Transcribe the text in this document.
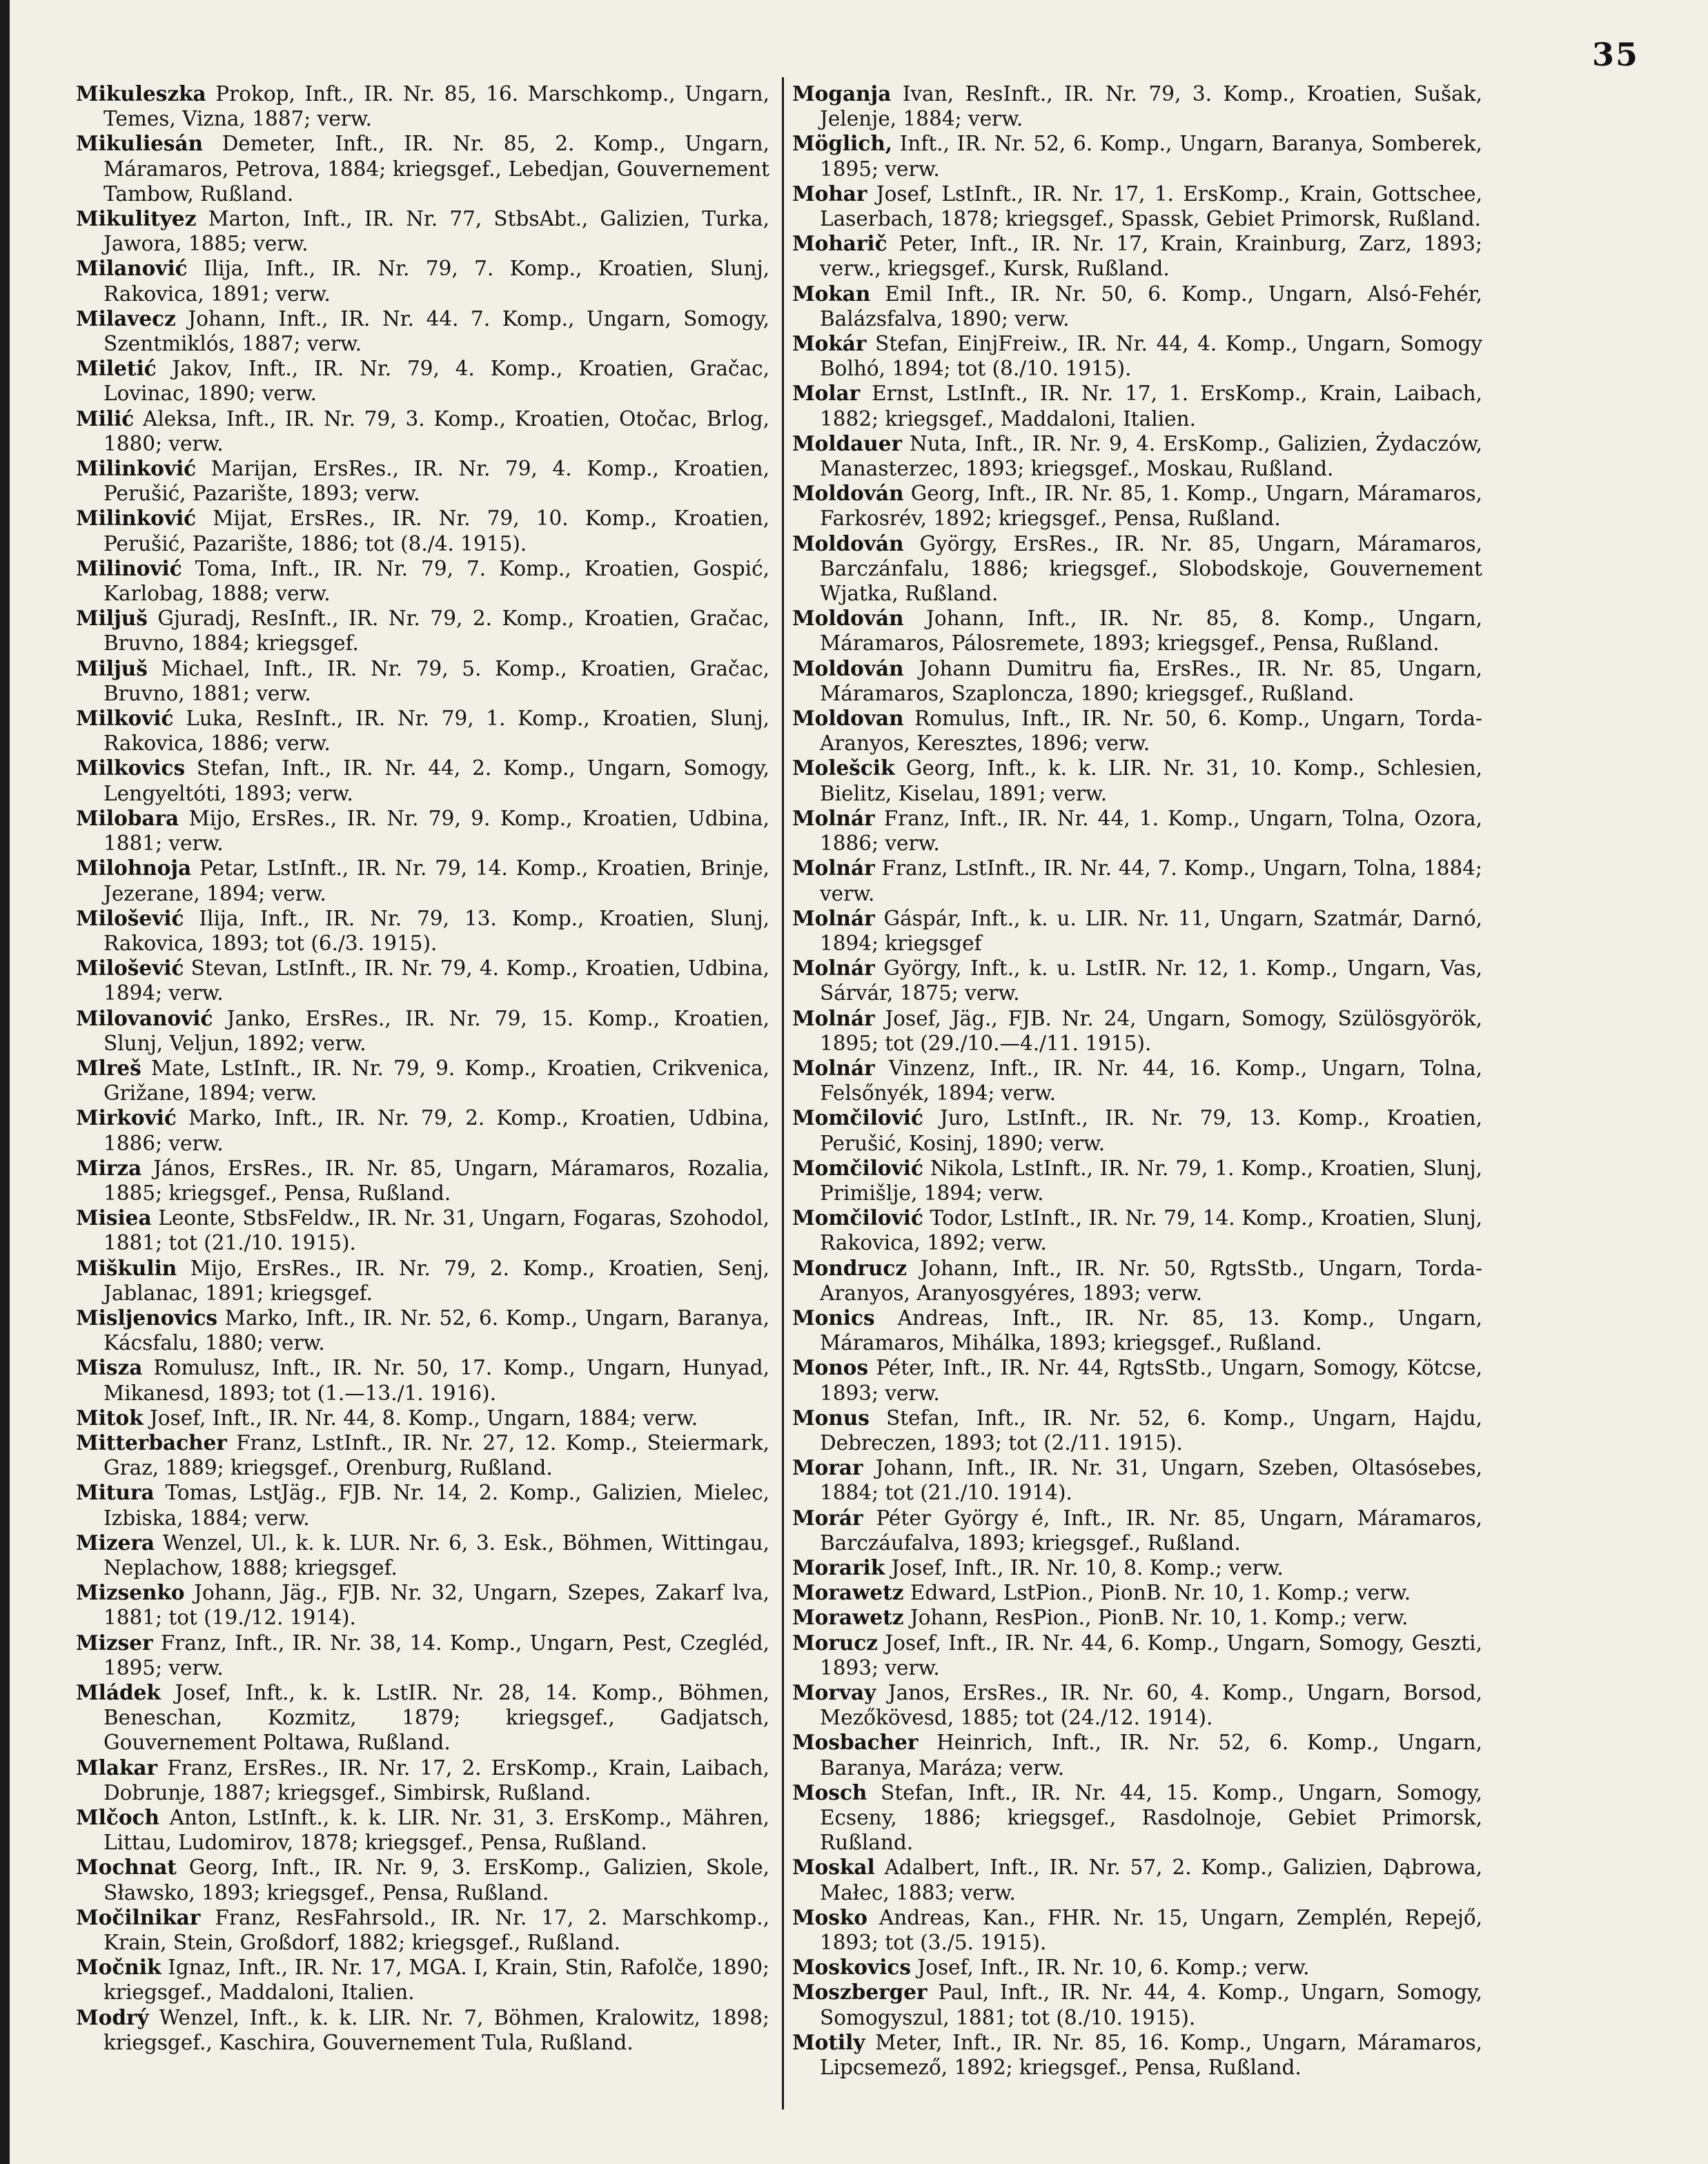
35

Mikuleszka Prokop, Inft., IR. Nr. 85, 16. Marschkomp., Ungarn, Temes, Vizna, 1887; verw.

Mikuliesán Demeter, Inft., IR. Nr. 85, 2. Komp., Ungarn, Máramaros, Petrova, 1884; kriegsgef., Lebedjan, Gouvernement Tambow, Rußland.

Mikulityez Marton, Inft., IR. Nr. 77, StbsAbt., Galizien, Turka, Jawora, 1885; verw.

Milanović Ilija, Inft., IR. Nr. 79, 7. Komp., Kroatien, Slunj, Rakovica, 1891; verw.

Milavecz Johann, Inft., IR. Nr. 44. 7. Komp., Ungarn, Somogy, Szentmiklós, 1887; verw.

Miletić Jakov, Inft., IR. Nr. 79, 4. Komp., Kroatien, Gračac, Lovinac, 1890; verw.

Milić Aleksa, Inft., IR. Nr. 79, 3. Komp., Kroatien, Otočac, Brlog, 1880; verw.

Milinković Marijan, ErsRes., IR. Nr. 79, 4. Komp., Kroatien, Perušić, Pazarište, 1893; verw.

Milinković Mijat, ErsRes., IR. Nr. 79, 10. Komp., Kroatien, Perušić, Pazarište, 1886; tot (8./4. 1915).

Milinović Toma, Inft., IR. Nr. 79, 7. Komp., Kroatien, Gospić, Karlobag, 1888; verw.

Miljuš Gjuradj, ResInft., IR. Nr. 79, 2. Komp., Kroatien, Gračac, Bruvno, 1884; kriegsgef.

Miljuš Michael, Inft., IR. Nr. 79, 5. Komp., Kroatien, Gračac, Bruvno, 1881; verw.

Milković Luka, ResInft., IR. Nr. 79, 1. Komp., Kroatien, Slunj, Rakovica, 1886; verw.

Milkovics Stefan, Inft., IR. Nr. 44, 2. Komp., Ungarn, Somogy, Lengyeltóti, 1893; verw.

Milobara Mijo, ErsRes., IR. Nr. 79, 9. Komp., Kroatien, Udbina, 1881; verw.

Milohnoja Petar, LstInft., IR. Nr. 79, 14. Komp., Kroatien, Brinje, Jezerane, 1894; verw.

Milošević Ilija, Inft., IR. Nr. 79, 13. Komp., Kroatien, Slunj, Rakovica, 1893; tot (6./3. 1915).

Milošević Stevan, LstInft., IR. Nr. 79, 4. Komp., Kroatien, Udbina, 1894; verw.

Milovanović Janko, ErsRes., IR. Nr. 79, 15. Komp., Kroatien, Slunj, Veljun, 1892; verw.

Mlreš Mate, LstInft., IR. Nr. 79, 9. Komp., Kroatien, Crikvenica, Grižane, 1894; verw.

Mirković Marko, Inft., IR. Nr. 79, 2. Komp., Kroatien, Udbina, 1886; verw.

Mirza János, ErsRes., IR. Nr. 85, Ungarn, Máramaros, Rozalia, 1885; kriegsgef., Pensa, Rußland.

Misiea Leonte, StbsFeldw., IR. Nr. 31, Ungarn, Fogaras, Szohodol, 1881; tot (21./10. 1915).

Miškulin Mijo, ErsRes., IR. Nr. 79, 2. Komp., Kroatien, Senj, Jablanac, 1891; kriegsgef.

Misljenovics Marko, Inft., IR. Nr. 52, 6. Komp., Ungarn, Baranya, Kácsfalu, 1880; verw.

Misza Romulusz, Inft., IR. Nr. 50, 17. Komp., Ungarn, Hunyad, Mikanesd, 1893; tot (1.—13./1. 1916).

Mitok Josef, Inft., IR. Nr. 44, 8. Komp., Ungarn, 1884; verw.

Mitterbacher Franz, LstInft., IR. Nr. 27, 12. Komp., Steiermark, Graz, 1889; kriegsgef., Orenburg, Rußland.

Mitura Tomas, LstJäg., FJB. Nr. 14, 2. Komp., Galizien, Mielec, Izbiska, 1884; verw.

Mizera Wenzel, Ul., k. k. LUR. Nr. 6, 3. Esk., Böhmen, Wittingau, Neplachow, 1888; kriegsgef.

Mizsenko Johann, Jäg., FJB. Nr. 32, Ungarn, Szepes, Zakarf lva, 1881; tot (19./12. 1914).

Mizser Franz, Inft., IR. Nr. 38, 14. Komp., Ungarn, Pest, Czegléd, 1895; verw.

Mládek Josef, Inft., k. k. LstIR. Nr. 28, 14. Komp., Böhmen, Beneschan, Kozmitz, 1879; kriegsgef., Gadjatsch, Gouvernement Poltawa, Rußland.

Mlakar Franz, ErsRes., IR. Nr. 17, 2. ErsKomp., Krain, Laibach, Dobrunje, 1887; kriegsgef., Simbirsk, Rußland.

Mlčoch Anton, LstInft., k. k. LIR. Nr. 31, 3. ErsKomp., Mähren, Littau, Ludomirov, 1878; kriegsgef., Pensa, Rußland.

Mochnat Georg, Inft., IR. Nr. 9, 3. ErsKomp., Galizien, Skole, Sławsko, 1893; kriegsgef., Pensa, Rußland.

Močilnikar Franz, ResFahrsold., IR. Nr. 17, 2. Marschkomp., Krain, Stein, Großdorf, 1882; kriegsgef., Rußland.

Močnik Ignaz, Inft., IR. Nr. 17, MGA. I, Krain, Stin, Rafolče, 1890; kriegsgef., Maddaloni, Italien.

Modrý Wenzel, Inft., k. k. LIR. Nr. 7, Böhmen, Kralowitz, 1898; kriegsgef., Kaschira, Gouvernement Tula, Rußland.

Moganja Ivan, ResInft., IR. Nr. 79, 3. Komp., Kroatien, Sušak, Jelenje, 1884; verw.

Möglich, Inft., IR. Nr. 52, 6. Komp., Ungarn, Baranya, Somberek, 1895; verw.

Mohar Josef, LstInft., IR. Nr. 17, 1. ErsKomp., Krain, Gottschee, Laserbach, 1878; kriegsgef., Spassk, Gebiet Primorsk, Rußland.

Moharič Peter, Inft., IR. Nr. 17, Krain, Krainburg, Zarz, 1893; verw., kriegsgef., Kursk, Rußland.

Mokan Emil Inft., IR. Nr. 50, 6. Komp., Ungarn, Alsó-Fehér, Balázsfalva, 1890; verw.

Mokár Stefan, EinjFreiw., IR. Nr. 44, 4. Komp., Ungarn, Somogy Bolhó, 1894; tot (8./10. 1915).

Molar Ernst, LstInft., IR. Nr. 17, 1. ErsKomp., Krain, Laibach, 1882; kriegsgef., Maddaloni, Italien.

Moldauer Nuta, Inft., IR. Nr. 9, 4. ErsKomp., Galizien, Żydaczów, Manasterzec, 1893; kriegsgef., Moskau, Rußland.

Moldován Georg, Inft., IR. Nr. 85, 1. Komp., Ungarn, Máramaros, Farkosrév, 1892; kriegsgef., Pensa, Rußland.

Moldován György, ErsRes., IR. Nr. 85, Ungarn, Máramaros, Barczánfalu, 1886; kriegsgef., Slobodskoje, Gouvernement Wjatka, Rußland.

Moldován Johann, Inft., IR. Nr. 85, 8. Komp., Ungarn, Máramaros, Pálosremete, 1893; kriegsgef., Pensa, Rußland.

Moldován Johann Dumitru fia, ErsRes., IR. Nr. 85, Ungarn, Máramaros, Szaploncza, 1890; kriegsgef., Rußland.

Moldovan Romulus, Inft., IR. Nr. 50, 6. Komp., Ungarn, Torda-Aranyos, Keresztes, 1896; verw.

Molešcik Georg, Inft., k. k. LIR. Nr. 31, 10. Komp., Schlesien, Bielitz, Kiselau, 1891; verw.

Molnár Franz, Inft., IR. Nr. 44, 1. Komp., Ungarn, Tolna, Ozora, 1886; verw.

Molnár Franz, LstInft., IR. Nr. 44, 7. Komp., Ungarn, Tolna, 1884; verw.

Molnár Gáspár, Inft., k. u. LIR. Nr. 11, Ungarn, Szatmár, Darnó, 1894; kriegsgef

Molnár György, Inft., k. u. LstIR. Nr. 12, 1. Komp., Ungarn, Vas, Sárvár, 1875; verw.

Molnár Josef, Jäg., FJB. Nr. 24, Ungarn, Somogy, Szülösgyörök, 1895; tot (29./10.—4./11. 1915).

Molnár Vinzenz, Inft., IR. Nr. 44, 16. Komp., Ungarn, Tolna, Felsőnyék, 1894; verw.

Momčilović Juro, LstInft., IR. Nr. 79, 13. Komp., Kroatien, Perušić, Kosinj, 1890; verw.

Momčilović Nikola, LstInft., IR. Nr. 79, 1. Komp., Kroatien, Slunj, Primišlje, 1894; verw.

Momčilović Todor, LstInft., IR. Nr. 79, 14. Komp., Kroatien, Slunj, Rakovica, 1892; verw.

Mondrucz Johann, Inft., IR. Nr. 50, RgtsStb., Ungarn, Torda-Aranyos, Aranyosgyéres, 1893; verw.

Monics Andreas, Inft., IR. Nr. 85, 13. Komp., Ungarn, Máramaros, Mihálka, 1893; kriegsgef., Rußland.

Monos Péter, Inft., IR. Nr. 44, RgtsStb., Ungarn, Somogy, Kötcse, 1893; verw.

Monus Stefan, Inft., IR. Nr. 52, 6. Komp., Ungarn, Hajdu, Debreczen, 1893; tot (2./11. 1915).

Morar Johann, Inft., IR. Nr. 31, Ungarn, Szeben, Oltasósebes, 1884; tot (21./10. 1914).

Morár Péter György é, Inft., IR. Nr. 85, Ungarn, Máramaros, Barczáufalva, 1893; kriegsgef., Rußland.

Morarik Josef, Inft., IR. Nr. 10, 8. Komp.; verw.

Morawetz Edward, LstPion., PionB. Nr. 10, 1. Komp.; verw.

Morawetz Johann, ResPion., PionB. Nr. 10, 1. Komp.; verw.

Morucz Josef, Inft., IR. Nr. 44, 6. Komp., Ungarn, Somogy, Geszti, 1893; verw.

Morvay Janos, ErsRes., IR. Nr. 60, 4. Komp., Ungarn, Borsod, Mezőkövesd, 1885; tot (24./12. 1914).

Mosbacher Heinrich, Inft., IR. Nr. 52, 6. Komp., Ungarn, Baranya, Maráza; verw.

Mosch Stefan, Inft., IR. Nr. 44, 15. Komp., Ungarn, Somogy, Ecseny, 1886; kriegsgef., Rasdolnoje, Gebiet Primorsk, Rußland.

Moskal Adalbert, Inft., IR. Nr. 57, 2. Komp., Galizien, Dąbrowa, Małec, 1883; verw.

Mosko Andreas, Kan., FHR. Nr. 15, Ungarn, Zemplén, Repejő, 1893; tot (3./5. 1915).

Moskovics Josef, Inft., IR. Nr. 10, 6. Komp.; verw.

Moszberger Paul, Inft., IR. Nr. 44, 4. Komp., Ungarn, Somogy, Somogyszul, 1881; tot (8./10. 1915).

Motily Meter, Inft., IR. Nr. 85, 16. Komp., Ungarn, Máramaros, Lipcsemező, 1892; kriegsgef., Pensa, Rußland.
